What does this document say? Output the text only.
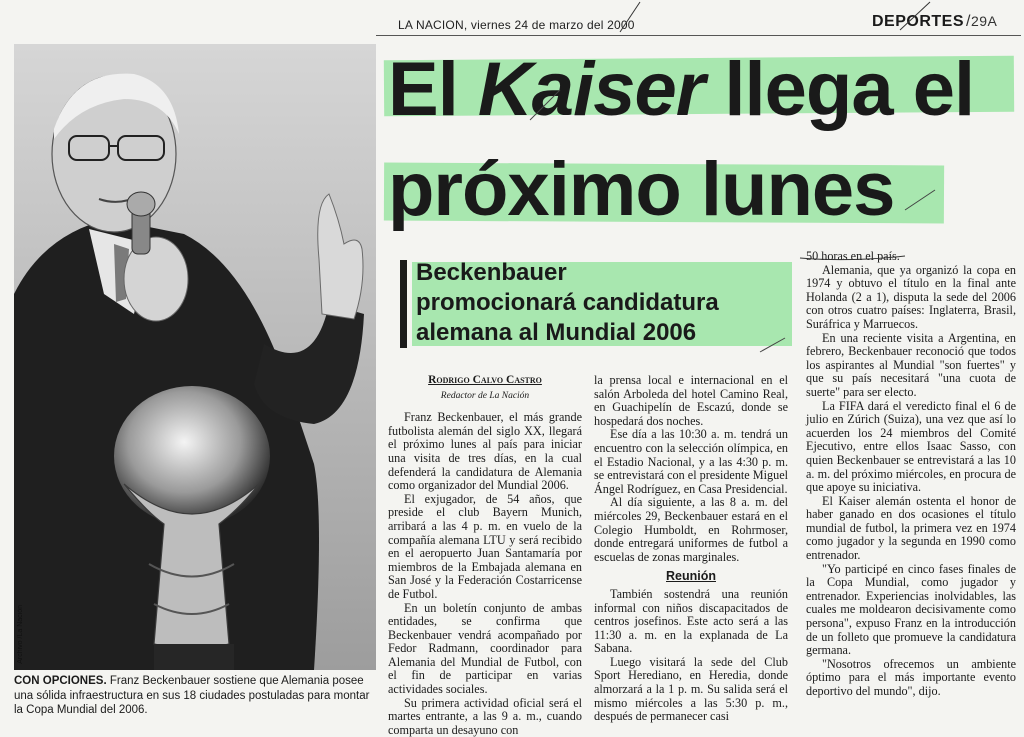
LA NACION, viernes 24 de marzo del 2000	DEPORTES /29A
Archivo /La Nación
CON OPCIONES. Franz Beckenbauer sostiene que Alemania posee una sólida infraestructura en sus 18 ciudades postuladas para montar la Copa Mundial del 2006.
El Kaiser llega el
próximo lunes
Beckenbauer
promocionará candidatura
alemana al Mundial 2006
Rodrigo Calvo Castro
Redactor de La Nación

Franz Beckenbauer, el más grande futbolista alemán del siglo XX, llegará el próximo lunes al país para iniciar una visita de tres días, en la cual defenderá la candidatura de Alemania como organizador del Mundial 2006.

El exjugador, de 54 años, que preside el club Bayern Munich, arribará a las 4 p. m. en vuelo de la compañía alemana LTU y será recibido en el aeropuerto Juan Santamaría por miembros de la Embajada alemana en San José y la Federación Costarricense de Futbol.

En un boletín conjunto de ambas entidades, se confirma que Beckenbauer vendrá acompañado por Fedor Radmann, coordinador para Alemania del Mundial de Futbol, con el fin de participar en varias actividades sociales.

Su primera actividad oficial será el martes entrante, a las 9 a. m., cuando comparta un desayuno con

la prensa local e internacional en el salón Arboleda del hotel Camino Real, en Guachipelín de Escazú, donde se hospedará dos noches.

Ese día a las 10:30 a. m. tendrá un encuentro con la selección olímpica, en el Estadio Nacional, y a las 4:30 p. m. se entrevistará con el presidente Miguel Ángel Rodríguez, en Casa Presidencial.

Al día siguiente, a las 8 a. m. del miércoles 29, Beckenbauer estará en el Colegio Humboldt, en Rohrmoser, donde entregará uniformes de futbol a escuelas de zonas marginales.

Reunión

También sostendrá una reunión informal con niños discapacitados de centros josefinos. Este acto será a las 11:30 a. m. en la explanada de La Sabana.

Luego visitará la sede del Club Sport Herediano, en Heredia, donde almorzará a la 1 p. m. Su salida será el mismo miércoles a las 5:30 p. m., después de permanecer casi

50 horas en el país.

Alemania, que ya organizó la copa en 1974 y obtuvo el título en la final ante Holanda (2 a 1), disputa la sede del 2006 con otros cuatro países: Inglaterra, Brasil, Suráfrica y Marruecos.

En una reciente visita a Argentina, en febrero, Beckenbauer reconoció que todos los aspirantes al Mundial "son fuertes" y que su país necesitará "una cuota de suerte" para ser electo.

La FIFA dará el veredicto final el 6 de julio en Zúrich (Suiza), una vez que así lo acuerden los 24 miembros del Comité Ejecutivo, entre ellos Isaac Sasso, con quien Beckenbauer se entrevistará a las 10 a. m. del próximo miércoles, en procura de que apoye su iniciativa.

El Kaiser alemán ostenta el honor de haber ganado en dos ocasiones el título mundial de futbol, la primera vez en 1974 como jugador y la segunda en 1990 como entrenador.

"Yo participé en cinco fases finales de la Copa Mundial, como jugador y entrenador. Experiencias inolvidables, las cuales me moldearon decisivamente como persona", expuso Franz en la introducción de un folleto que promueve la candidatura germana.

"Nosotros ofrecemos un ambiente óptimo para el más importante evento deportivo del mundo", dijo.
